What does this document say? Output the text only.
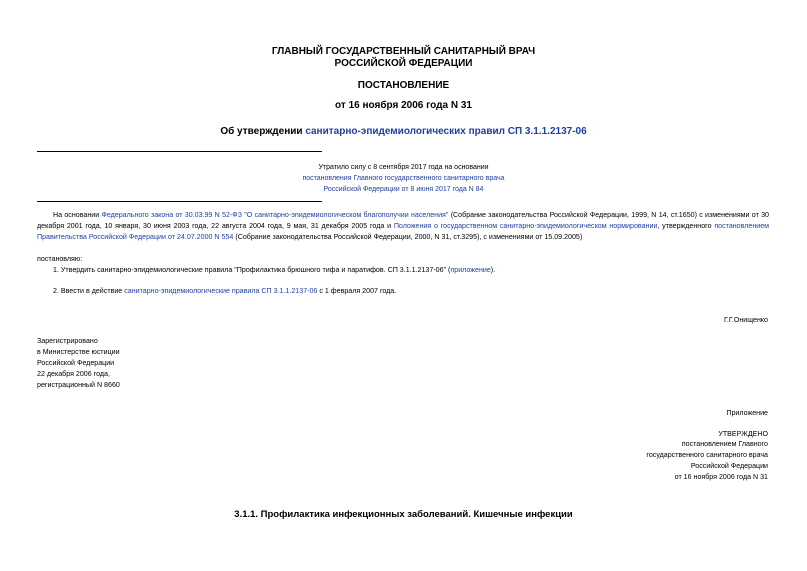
ГЛАВНЫЙ ГОСУДАРСТВЕННЫЙ САНИТАРНЫЙ ВРАЧ
РОССИЙСКОЙ ФЕДЕРАЦИИ
ПОСТАНОВЛЕНИЕ
от 16 ноября 2006 года N 31
Об утверждении санитарно-эпидемиологических правил СП 3.1.1.2137-06
Утратило силу с 8 сентября 2017 года на основании
постановления Главного государственного санитарного врача
Российской Федерации от 8 июня 2017 года N 84
На основании Федерального закона от 30.03.99 N 52-ФЗ "О санитарно-эпидемиологическом благополучии населения" (Собрание законодательства Российской Федерации, 1999, N 14, ст.1650) с изменениями от 30 декабря 2001 года, 10 января, 30 июня 2003 года, 22 августа 2004 года, 9 мая, 31 декабря 2005 года и Положения о государственном санитарно-эпидемиологическом нормировании, утвержденного постановлением Правительства Российской Федерации от 24.07.2000 N 554 (Собрание законодательства Российской Федерации, 2000, N 31, ст.3295), с изменениями от 15.09.2005)
постановляю:
1. Утвердить санитарно-эпидемиологические правила "Профилактика брюшного тифа и паратифов. СП 3.1.1.2137-06" (приложение).
2. Ввести в действие санитарно-эпидемиологические правила СП 3.1.1.2137-06 с 1 февраля 2007 года.
Г.Г.Онищенко
Зарегистрировано
в Министерстве юстиции
Российской Федерации
22 декабря 2006 года,
регистрационный N 8660
Приложение
УТВЕРЖДЕНО
постановлением Главного
государственного санитарного врача
Российской Федерации
от 16 ноября 2006 года N 31
3.1.1. Профилактика инфекционных заболеваний. Кишечные инфекции
